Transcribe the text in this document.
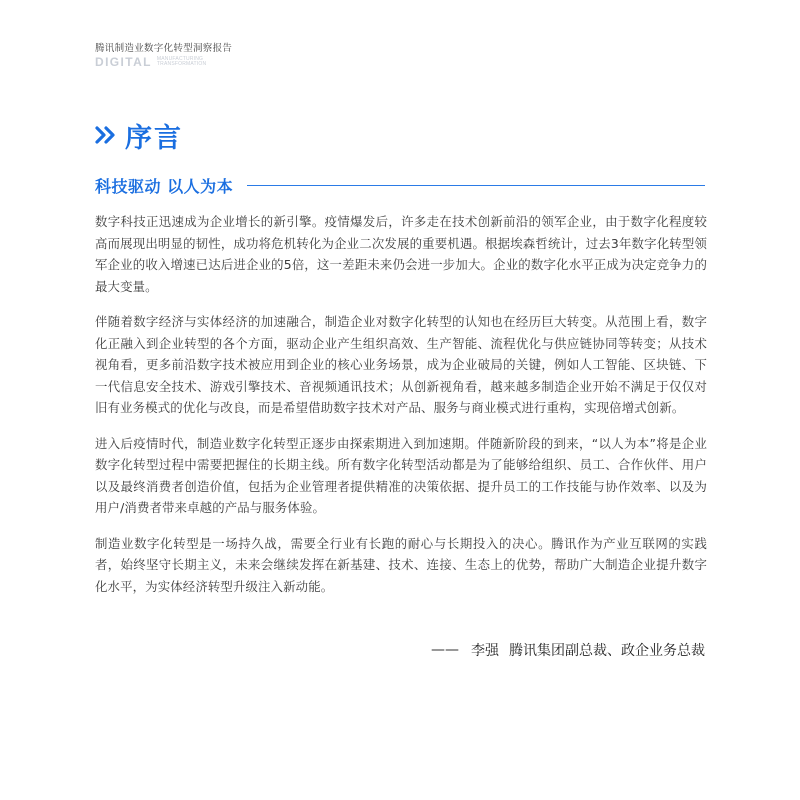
腾讯制造业数字化转型洞察报告
DIGITAL MANUFACTURING
TRANSFORMATION
序言
科技驱动 以人为本

数字科技正迅速成为企业增长的新引擎。疫情爆发后，许多走在技术创新前沿的领军企业，由于数字化程度较高而展现出明显的韧性，成功将危机转化为企业二次发展的重要机遇。根据埃森哲统计，过去3年数字化转型领军企业的收入增速已达后进企业的5倍，这一差距未来仍会进一步加大。企业的数字化水平正成为决定竞争力的最大变量。

伴随着数字经济与实体经济的加速融合，制造企业对数字化转型的认知也在经历巨大转变。从范围上看，数字化正融入到企业转型的各个方面，驱动企业产生组织高效、生产智能、流程优化与供应链协同等转变；从技术视角看，更多前沿数字技术被应用到企业的核心业务场景，成为企业破局的关键，例如人工智能、区块链、下一代信息安全技术、游戏引擎技术、音视频通讯技术；从创新视角看，越来越多制造企业开始不满足于仅仅对旧有业务模式的优化与改良，而是希望借助数字技术对产品、服务与商业模式进行重构，实现倍增式创新。

进入后疫情时代，制造业数字化转型正逐步由探索期进入到加速期。伴随新阶段的到来，“以人为本”将是企业数字化转型过程中需要把握住的长期主线。所有数字化转型活动都是为了能够给组织、员工、合作伙伴、用户以及最终消费者创造价值，包括为企业管理者提供精准的决策依据、提升员工的工作技能与协作效率、以及为用户/消费者带来卓越的产品与服务体验。

制造业数字化转型是一场持久战，需要全行业有长跑的耐心与长期投入的决心。腾讯作为产业互联网的实践者，始终坚守长期主义，未来会继续发挥在新基建、技术、连接、生态上的优势，帮助广大制造企业提升数字化水平，为实体经济转型升级注入新动能。

—— 李强 腾讯集团副总裁、政企业务总裁
